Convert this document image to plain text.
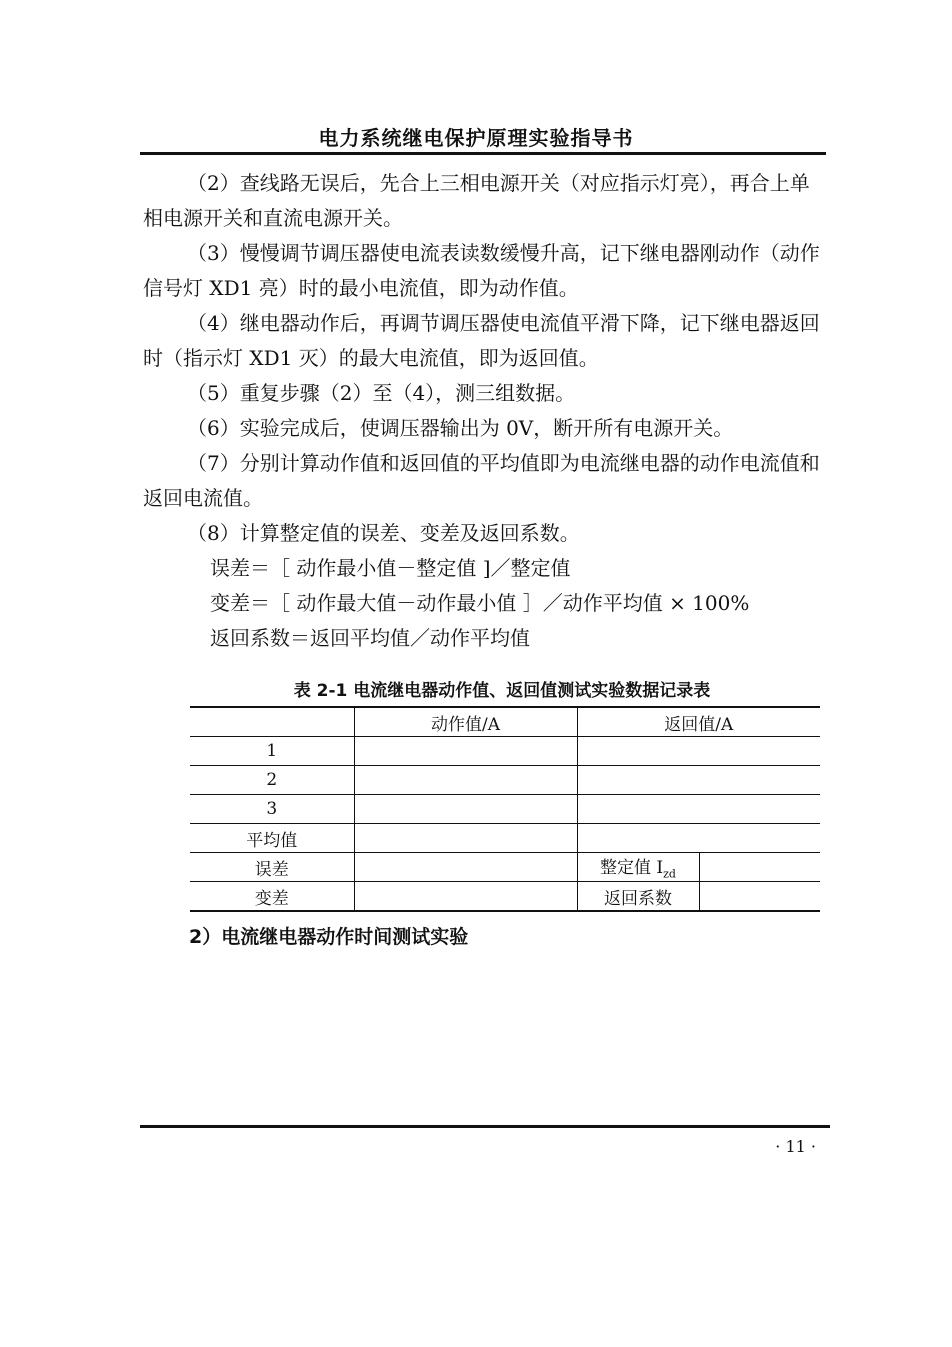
电力系统继电保护原理实验指导书

（2）查线路无误后，先合上三相电源开关（对应指示灯亮），再合上单相电源开关和直流电源开关。

（3）慢慢调节调压器使电流表读数缓慢升高，记下继电器刚动作（动作信号灯 XD1 亮）时的最小电流值，即为动作值。

（4）继电器动作后，再调节调压器使电流值平滑下降，记下继电器返回时（指示灯 XD1 灭）的最大电流值，即为返回值。

（5）重复步骤（2）至（4），测三组数据。

（6）实验完成后，使调压器输出为 0V，断开所有电源开关。

（7）分别计算动作值和返回值的平均值即为电流继电器的动作电流值和返回电流值。

（8）计算整定值的误差、变差及返回系数。

误差＝［ 动作最小值－整定值 ]／整定值

变差＝［ 动作最大值－动作最小值 ］／动作平均值 × 100%

返回系数＝返回平均值／动作平均值

表 2-1 电流继电器动作值、返回值测试实验数据记录表
	动作值/A	返回值/A	
1			
2			
3			
平均值			
误差		整定值 $I_{zd}$	
变差		返回系数	
2）电流继电器动作时间测试实验
· 11 ·
